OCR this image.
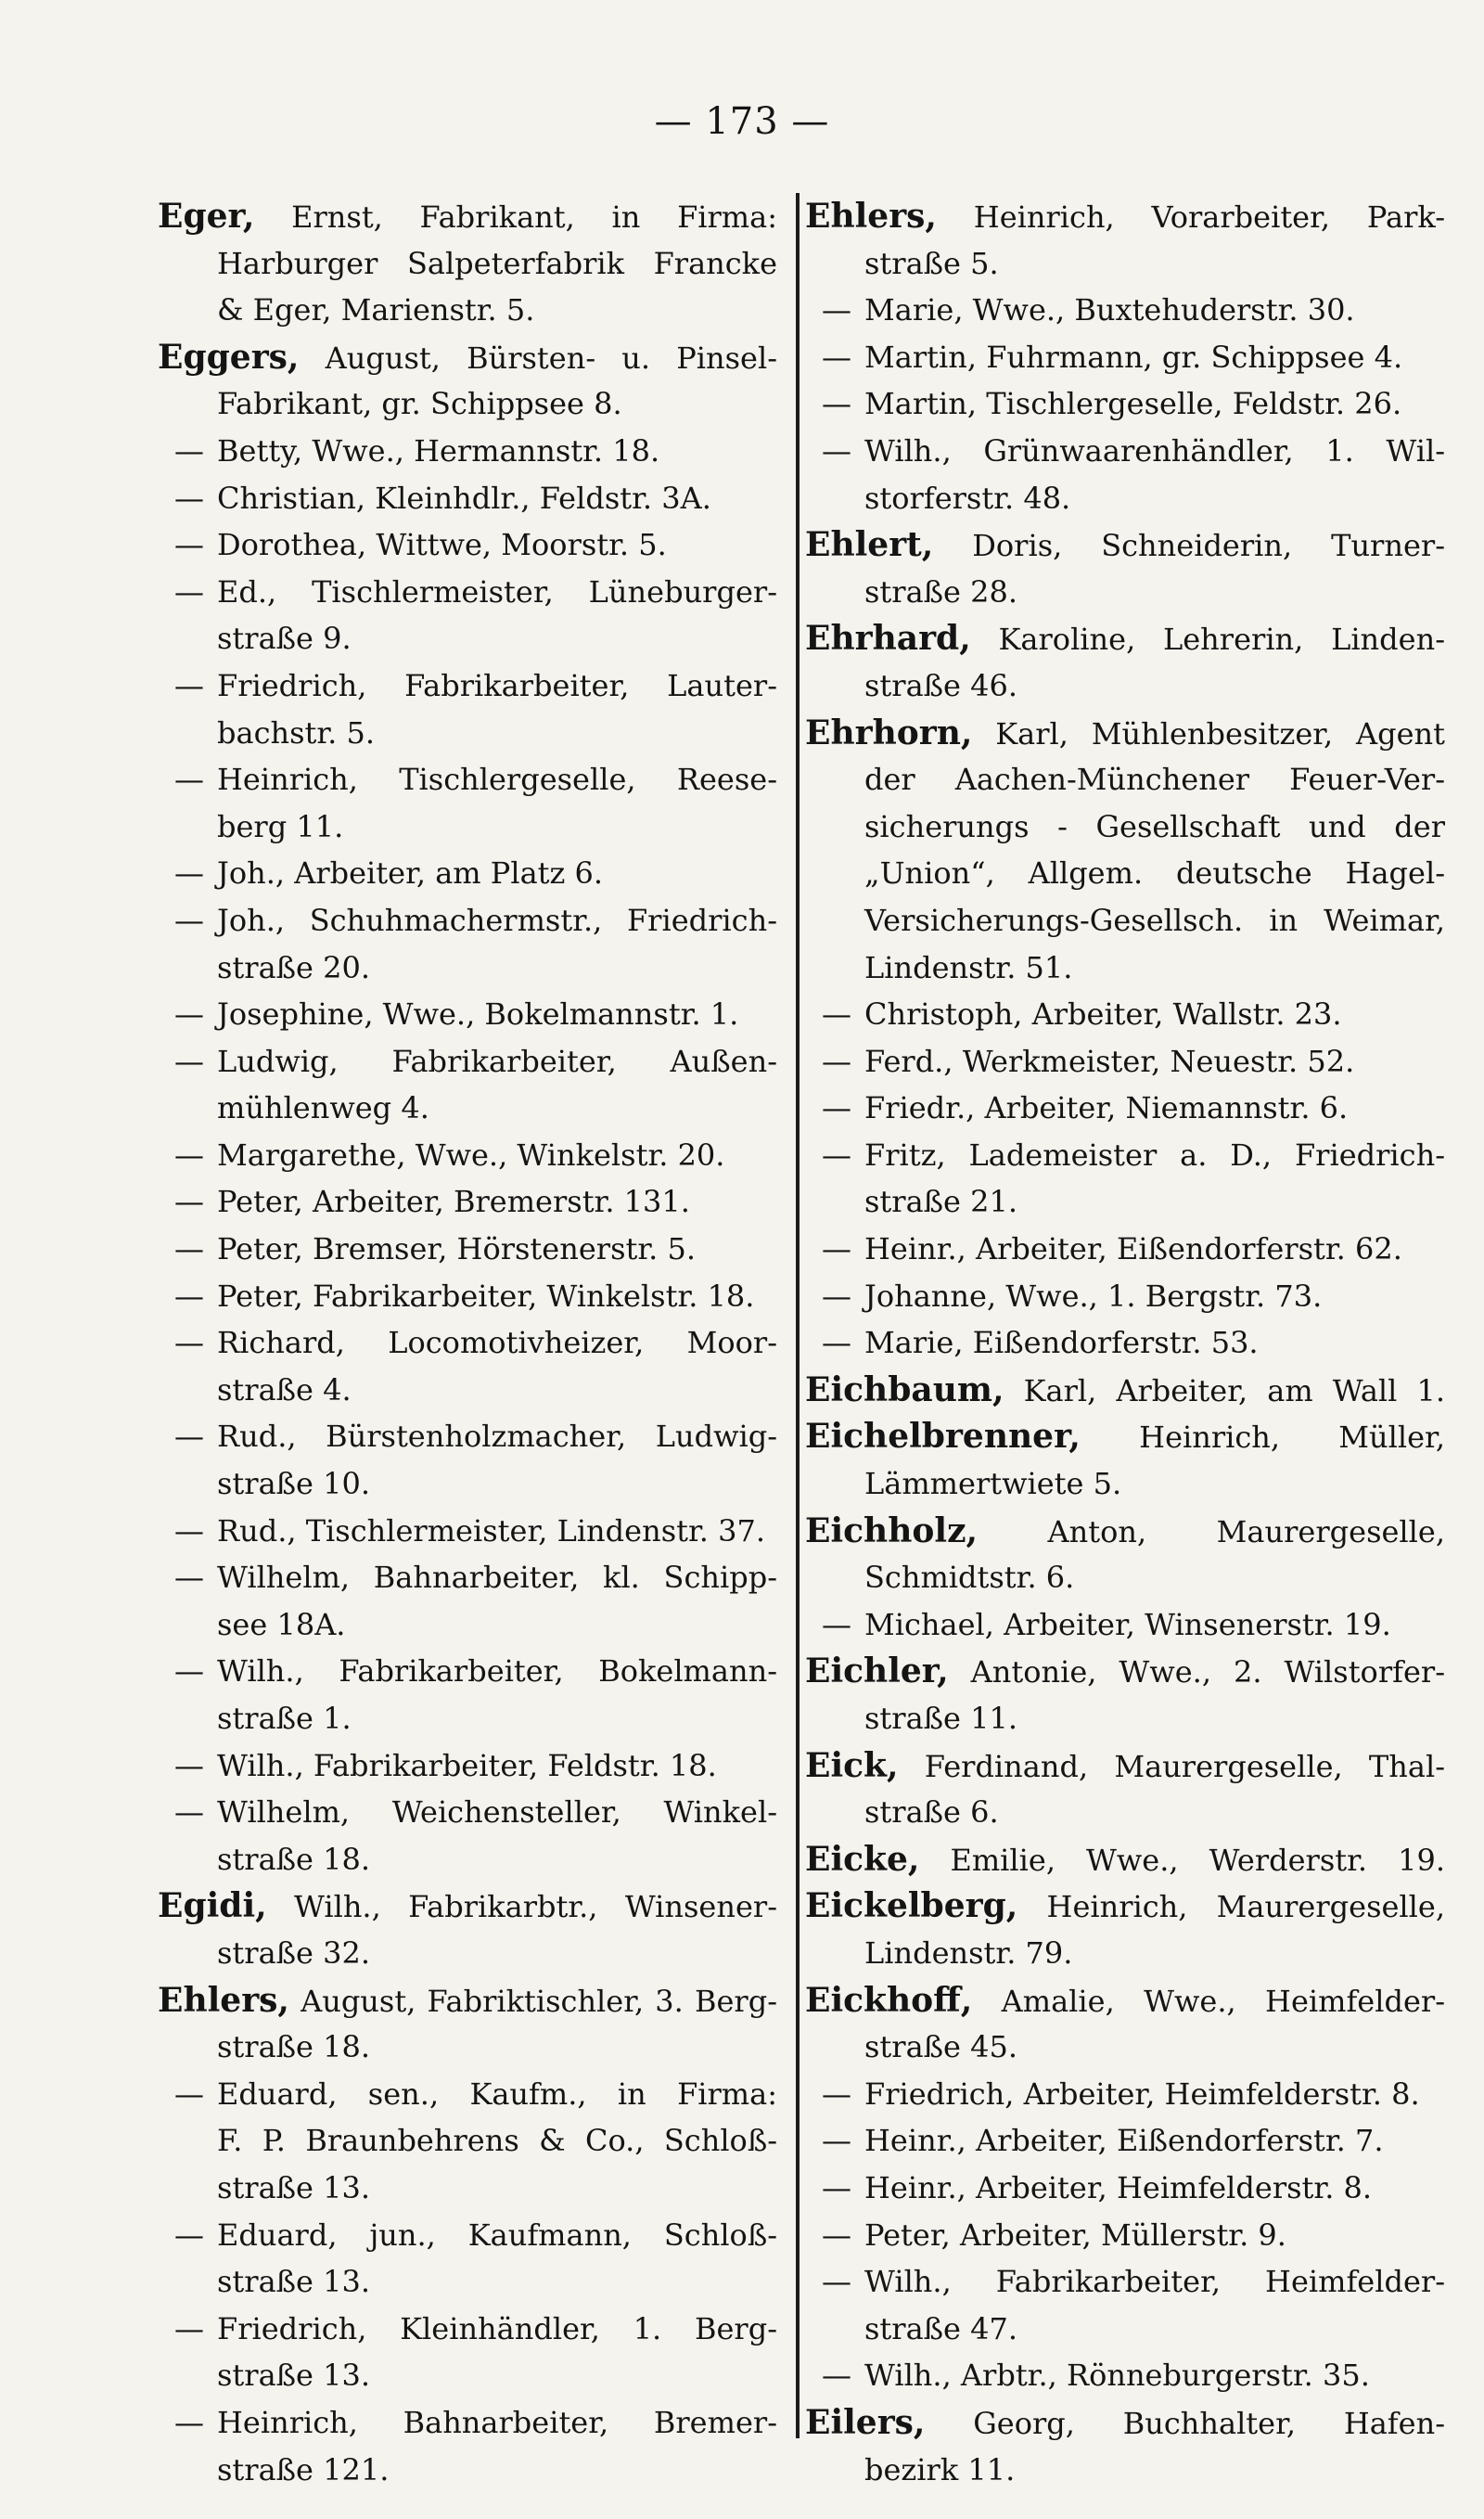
— 173 —
Eger, Ernst, Fabrikant, in Firma:
Harburger Salpeterfabrik Francke
& Eger, Marienstr. 5.
Eggers, August, Bürsten- u. Pinsel-
Fabrikant, gr. Schippsee 8.
— Betty, Wwe., Hermannstr. 18.
— Christian, Kleinhdlr., Feldstr. 3A.
— Dorothea, Wittwe, Moorstr. 5.
— Ed., Tischlermeister, Lüneburger-
straße 9.
— Friedrich, Fabrikarbeiter, Lauter-
bachstr. 5.
— Heinrich, Tischlergeselle, Reese-
berg 11.
— Joh., Arbeiter, am Platz 6.
— Joh., Schuhmachermstr., Friedrich-
straße 20.
— Josephine, Wwe., Bokelmannstr. 1.
— Ludwig, Fabrikarbeiter, Außen-
mühlenweg 4.
— Margarethe, Wwe., Winkelstr. 20.
— Peter, Arbeiter, Bremerstr. 131.
— Peter, Bremser, Hörstenerstr. 5.
— Peter, Fabrikarbeiter, Winkelstr. 18.
— Richard, Locomotivheizer, Moor-
straße 4.
— Rud., Bürstenholzmacher, Ludwig-
straße 10.
— Rud., Tischlermeister, Lindenstr. 37.
— Wilhelm, Bahnarbeiter, kl. Schipp-
see 18A.
— Wilh., Fabrikarbeiter, Bokelmann-
straße 1.
— Wilh., Fabrikarbeiter, Feldstr. 18.
— Wilhelm, Weichensteller, Winkel-
straße 18.
Egidi, Wilh., Fabrikarbtr., Winsener-
straße 32.
Ehlers, August, Fabriktischler, 3. Berg-
straße 18.
— Eduard, sen., Kaufm., in Firma:
F. P. Braunbehrens & Co., Schloß-
straße 13.
— Eduard, jun., Kaufmann, Schloß-
straße 13.
— Friedrich, Kleinhändler, 1. Berg-
straße 13.
— Heinrich, Bahnarbeiter, Bremer-
straße 121.
Ehlers, Heinrich, Vorarbeiter, Park-
straße 5.
— Marie, Wwe., Buxtehuderstr. 30.
— Martin, Fuhrmann, gr. Schippsee 4.
— Martin, Tischlergeselle, Feldstr. 26.
— Wilh., Grünwaarenhändler, 1. Wil-
storferstr. 48.
Ehlert, Doris, Schneiderin, Turner-
straße 28.
Ehrhard, Karoline, Lehrerin, Linden-
straße 46.
Ehrhorn, Karl, Mühlenbesitzer, Agent
der Aachen-Münchener Feuer-Ver-
sicherungs - Gesellschaft und der
„Union“, Allgem. deutsche Hagel-
Versicherungs-Gesellsch. in Weimar,
Lindenstr. 51.
— Christoph, Arbeiter, Wallstr. 23.
— Ferd., Werkmeister, Neuestr. 52.
— Friedr., Arbeiter, Niemannstr. 6.
— Fritz, Lademeister a. D., Friedrich-
straße 21.
— Heinr., Arbeiter, Eißendorferstr. 62.
— Johanne, Wwe., 1. Bergstr. 73.
— Marie, Eißendorferstr. 53.
Eichbaum, Karl, Arbeiter, am Wall 1.
Eichelbrenner, Heinrich, Müller,
Lämmertwiete 5.
Eichholz, Anton, Maurergeselle,
Schmidtstr. 6.
— Michael, Arbeiter, Winsenerstr. 19.
Eichler, Antonie, Wwe., 2. Wilstorfer-
straße 11.
Eick, Ferdinand, Maurergeselle, Thal-
straße 6.
Eicke, Emilie, Wwe., Werderstr. 19.
Eickelberg, Heinrich, Maurergeselle,
Lindenstr. 79.
Eickhoff, Amalie, Wwe., Heimfelder-
straße 45.
— Friedrich, Arbeiter, Heimfelderstr. 8.
— Heinr., Arbeiter, Eißendorferstr. 7.
— Heinr., Arbeiter, Heimfelderstr. 8.
— Peter, Arbeiter, Müllerstr. 9.
— Wilh., Fabrikarbeiter, Heimfelder-
straße 47.
— Wilh., Arbtr., Rönneburgerstr. 35.
Eilers, Georg, Buchhalter, Hafen-
bezirk 11.
